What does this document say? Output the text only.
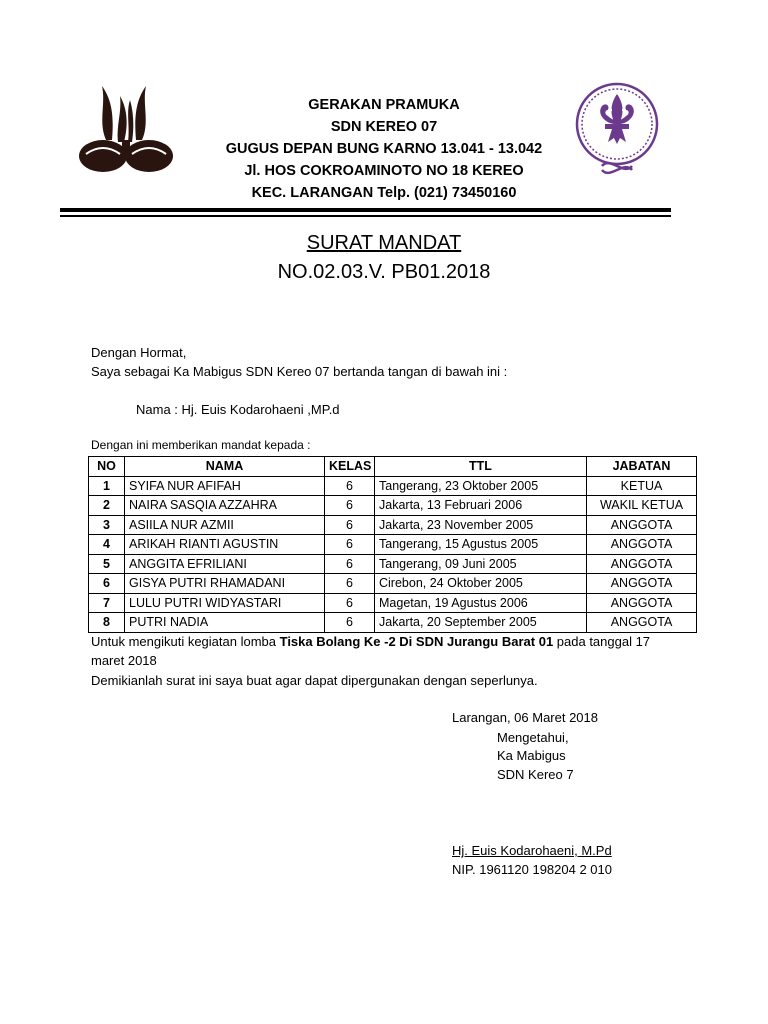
GERAKAN PRAMUKA
SDN KEREO 07
GUGUS DEPAN BUNG KARNO 13.041 - 13.042
Jl. HOS COKROAMINOTO NO 18 KEREO
KEC. LARANGAN Telp. (021) 73450160
SURAT MANDAT
NO.02.03.V. PB01.2018
Dengan Hormat,
Saya sebagai Ka Mabigus SDN Kereo 07 bertanda tangan di bawah ini :
Nama : Hj. Euis Kodarohaeni ,MP.d
Dengan ini memberikan mandat kepada :
NO	NAMA	KELAS	TTL	JABATAN
1	SYIFA NUR AFIFAH	6	Tangerang, 23 Oktober 2005	KETUA
2	NAIRA SASQIA AZZAHRA	6	Jakarta, 13 Februari 2006	WAKIL KETUA
3	ASIILA NUR AZMII	6	Jakarta, 23 November 2005	ANGGOTA
4	ARIKAH RIANTI AGUSTIN	6	Tangerang, 15 Agustus 2005	ANGGOTA
5	ANGGITA EFRILIANI	6	Tangerang, 09 Juni 2005	ANGGOTA
6	GISYA PUTRI RHAMADANI	6	Cirebon, 24 Oktober 2005	ANGGOTA
7	LULU PUTRI WIDYASTARI	6	Magetan, 19 Agustus 2006	ANGGOTA
8	PUTRI NADIA	6	Jakarta, 20 September 2005	ANGGOTA
Untuk mengikuti kegiatan lomba Tiska Bolang Ke -2 Di SDN Jurangu Barat 01 pada tanggal 17
maret 2018
Demikianlah surat ini saya buat agar dapat dipergunakan dengan seperlunya.
Larangan, 06 Maret 2018
Mengetahui,
Ka Mabigus
SDN Kereo 7
Hj. Euis Kodarohaeni, M.Pd
NIP. 1961120 198204 2 010
